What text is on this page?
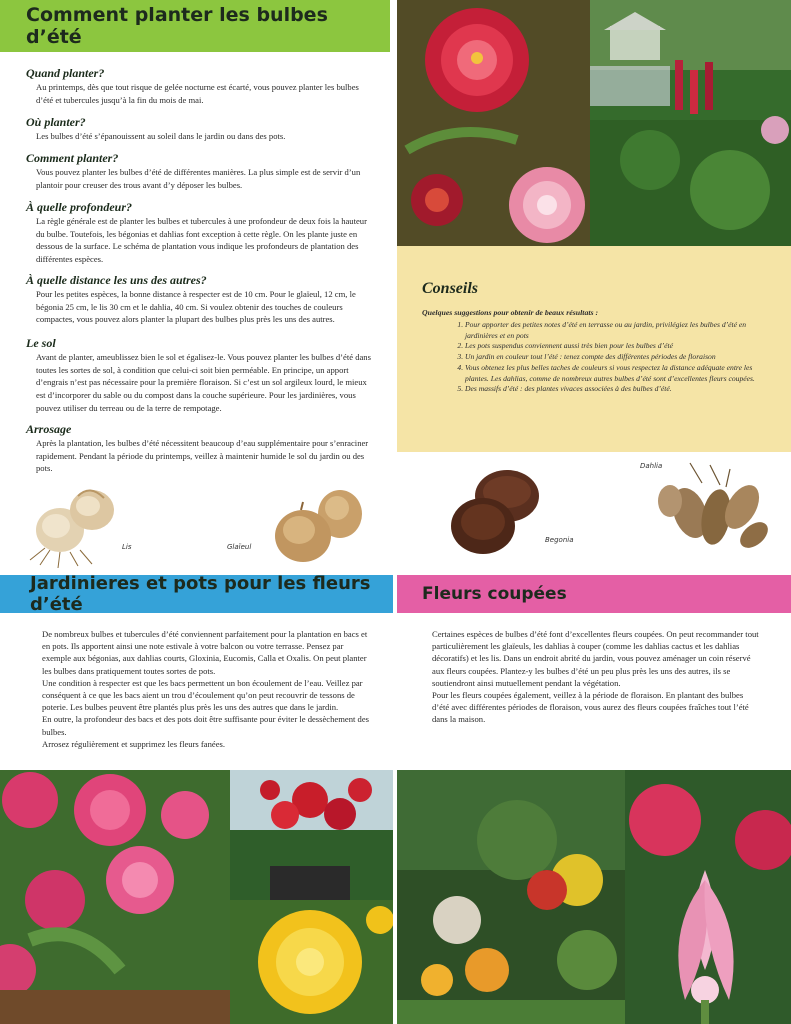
Comment planter les bulbes d’été
Quand planter?

Au printemps, dès que tout risque de gelée nocturne est écarté, vous pouvez planter les bulbes d’été et tubercules jusqu’à la fin du mois de mai.

Où planter?

Les bulbes d’été s’épanouissent au soleil dans le jardin ou dans des pots.

Comment planter?

Vous pouvez planter les bulbes d’été de différentes manières. La plus simple est de servir d’un plantoir pour creuser des trous avant d’y déposer les bulbes.

À quelle profondeur?

La règle générale est de planter les bulbes et tubercules à une profondeur de deux fois la hauteur du bulbe. Toutefois, les bégonias et dahlias font exception à cette règle. On les plante juste en dessous de la surface. Le schéma de plantation vous indique les profondeurs de plantation des différentes espèces.

À quelle distance les uns des autres?

Pour les petites espèces, la bonne distance à respecter est de 10 cm. Pour le glaïeul, 12 cm, le bégonia 25 cm, le lis 30 cm et le dahlia, 40 cm. Si voulez obtenir des touches de couleurs compactes, vous pouvez alors planter la plupart des bulbes plus près les uns des autres.

Le sol

Avant de planter, ameublissez bien le sol et égalisez-le. Vous pouvez planter les bulbes d’été dans toutes les sortes de sol, à condition que celui-ci soit bien perméable. En principe, un apport d’engrais n’est pas nécessaire pour la première floraison. Si c’est un sol argileux lourd, le mieux est d’incorporer du sable ou du compost dans la couche supérieure. Pour les jardinières, vous pouvez utiliser du terreau ou de la terre de rempotage.

Arrosage

Après la plantation, les bulbes d’été nécessitent beaucoup d’eau supplémentaire pour s’enraciner rapidement. Pendant la période du printemps, veillez à maintenir humide le sol du jardin ou des pots.

Lis	Glaïeul
Conseils
Quelques suggestions pour obtenir de beaux résultats :
1. Pour apporter des petites notes d’été en terrasse ou au jardin, privilégiez les bulbes d’été en jardinières et en pots
2. Les pots suspendus conviennent aussi très bien pour les bulbes d’été
3. Un jardin en couleur tout l’été : tenez compte des différentes périodes de floraison
4. Vous obtenez les plus belles taches de couleurs si vous respectez la distance adéquate entre les plantes. Les dahlias, comme de nombreux autres bulbes d’été sont d’excellentes fleurs coupées.
5. Des massifs d’été : des plantes vivaces associées à des bulbes d’été.
Begonia
Dahlia
Jardinieres et pots pour les fleurs d’été	Fleurs coupées

De nombreux bulbes et tubercules d’été conviennent parfaitement pour la plantation en bacs et en pots. Ils apportent ainsi une note estivale à votre balcon ou votre terrasse. Pensez par exemple aux bégonias, aux dahlias courts, Gloxinia, Eucomis, Calla et Oxalis. On peut planter les bulbes dans pratiquement toutes sortes de pots.

Une condition à respecter est que les bacs permettent un bon écoulement de l’eau. Veillez par conséquent à ce que les bacs aient un trou d’écoulement qu’on peut recouvrir de tessons de poterie. Les bulbes peuvent être plantés plus près les uns des autres que dans le jardin.

En outre, la profondeur des bacs et des pots doit être suffisante pour éviter le dessèchement des bulbes.

Arrosez régulièrement et supprimez les fleurs fanées.

Certaines espèces de bulbes d’été font d’excellentes fleurs coupées. On peut recommander tout particulièrement les glaïeuls, les dahlias à couper (comme les dahlias cactus et les dahlias décoratifs) et les lis. Dans un endroit abrité du jardin, vous pouvez aménager un coin réservé aux fleurs coupées. Plantez-y les bulbes d’été un peu plus près les uns des autres, ils se soutiendront ainsi mutuellement pendant la végétation.

Pour les fleurs coupées également, veillez à la période de floraison. En plantant des bulbes d’été avec différentes périodes de floraison, vous aurez des fleurs coupées fraîches tout l’été dans la maison.
